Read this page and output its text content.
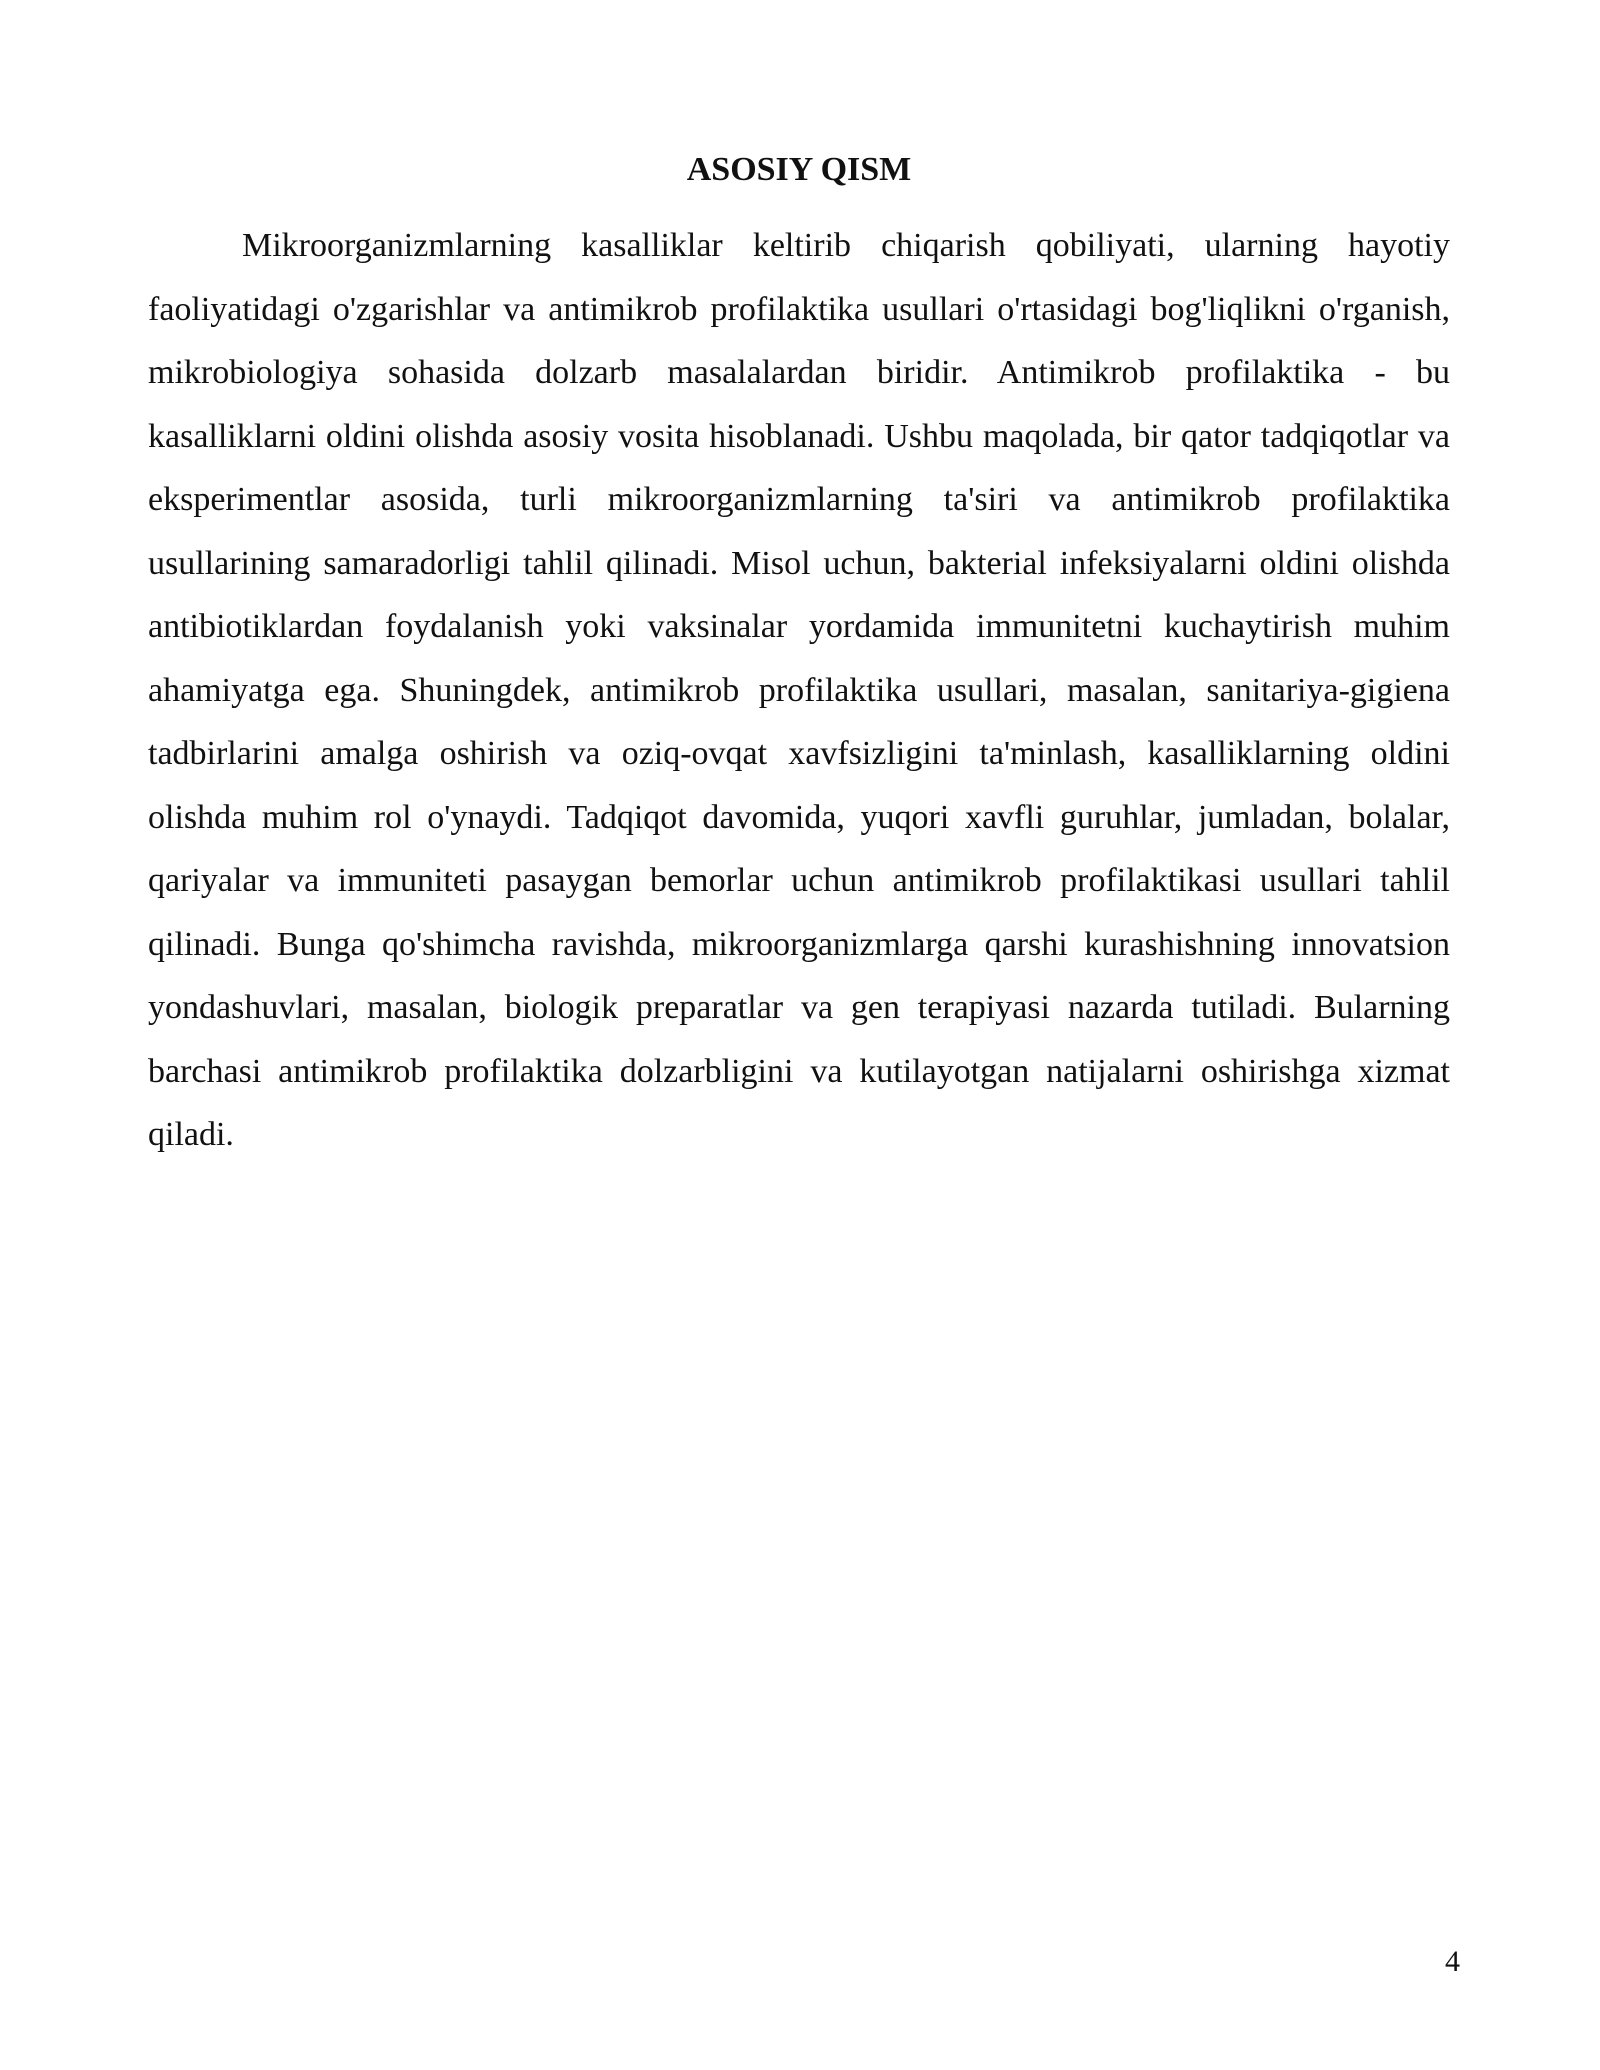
ASOSIY QISM

Mikroorganizmlarning kasalliklar keltirib chiqarish qobiliyati, ularning hayotiy faoliyatidagi o'zgarishlar va antimikrob profilaktika usullari o'rtasidagi bog'liqlikni o'rganish, mikrobiologiya sohasida dolzarb masalalardan biridir. Antimikrob profilaktika - bu kasalliklarni oldini olishda asosiy vosita hisoblanadi. Ushbu maqolada, bir qator tadqiqotlar va eksperimentlar asosida, turli mikroorganizmlarning ta'siri va antimikrob profilaktika usullarining samaradorligi tahlil qilinadi. Misol uchun, bakterial infeksiyalarni oldini olishda antibiotiklardan foydalanish yoki vaksinalar yordamida immunitetni kuchaytirish muhim ahamiyatga ega. Shuningdek, antimikrob profilaktika usullari, masalan, sanitariya-gigiena tadbirlarini amalga oshirish va oziq-ovqat xavfsizligini ta'minlash, kasalliklarning oldini olishda muhim rol o'ynaydi. Tadqiqot davomida, yuqori xavfli guruhlar, jumladan, bolalar, qariyalar va immuniteti pasaygan bemorlar uchun antimikrob profilaktikasi usullari tahlil qilinadi. Bunga qo'shimcha ravishda, mikroorganizmlarga qarshi kurashishning innovatsion yondashuvlari, masalan, biologik preparatlar va gen terapiyasi nazarda tutiladi. Bularning barchasi antimikrob profilaktika dolzarbligini va kutilayotgan natijalarni oshirishga xizmat qiladi.

4
